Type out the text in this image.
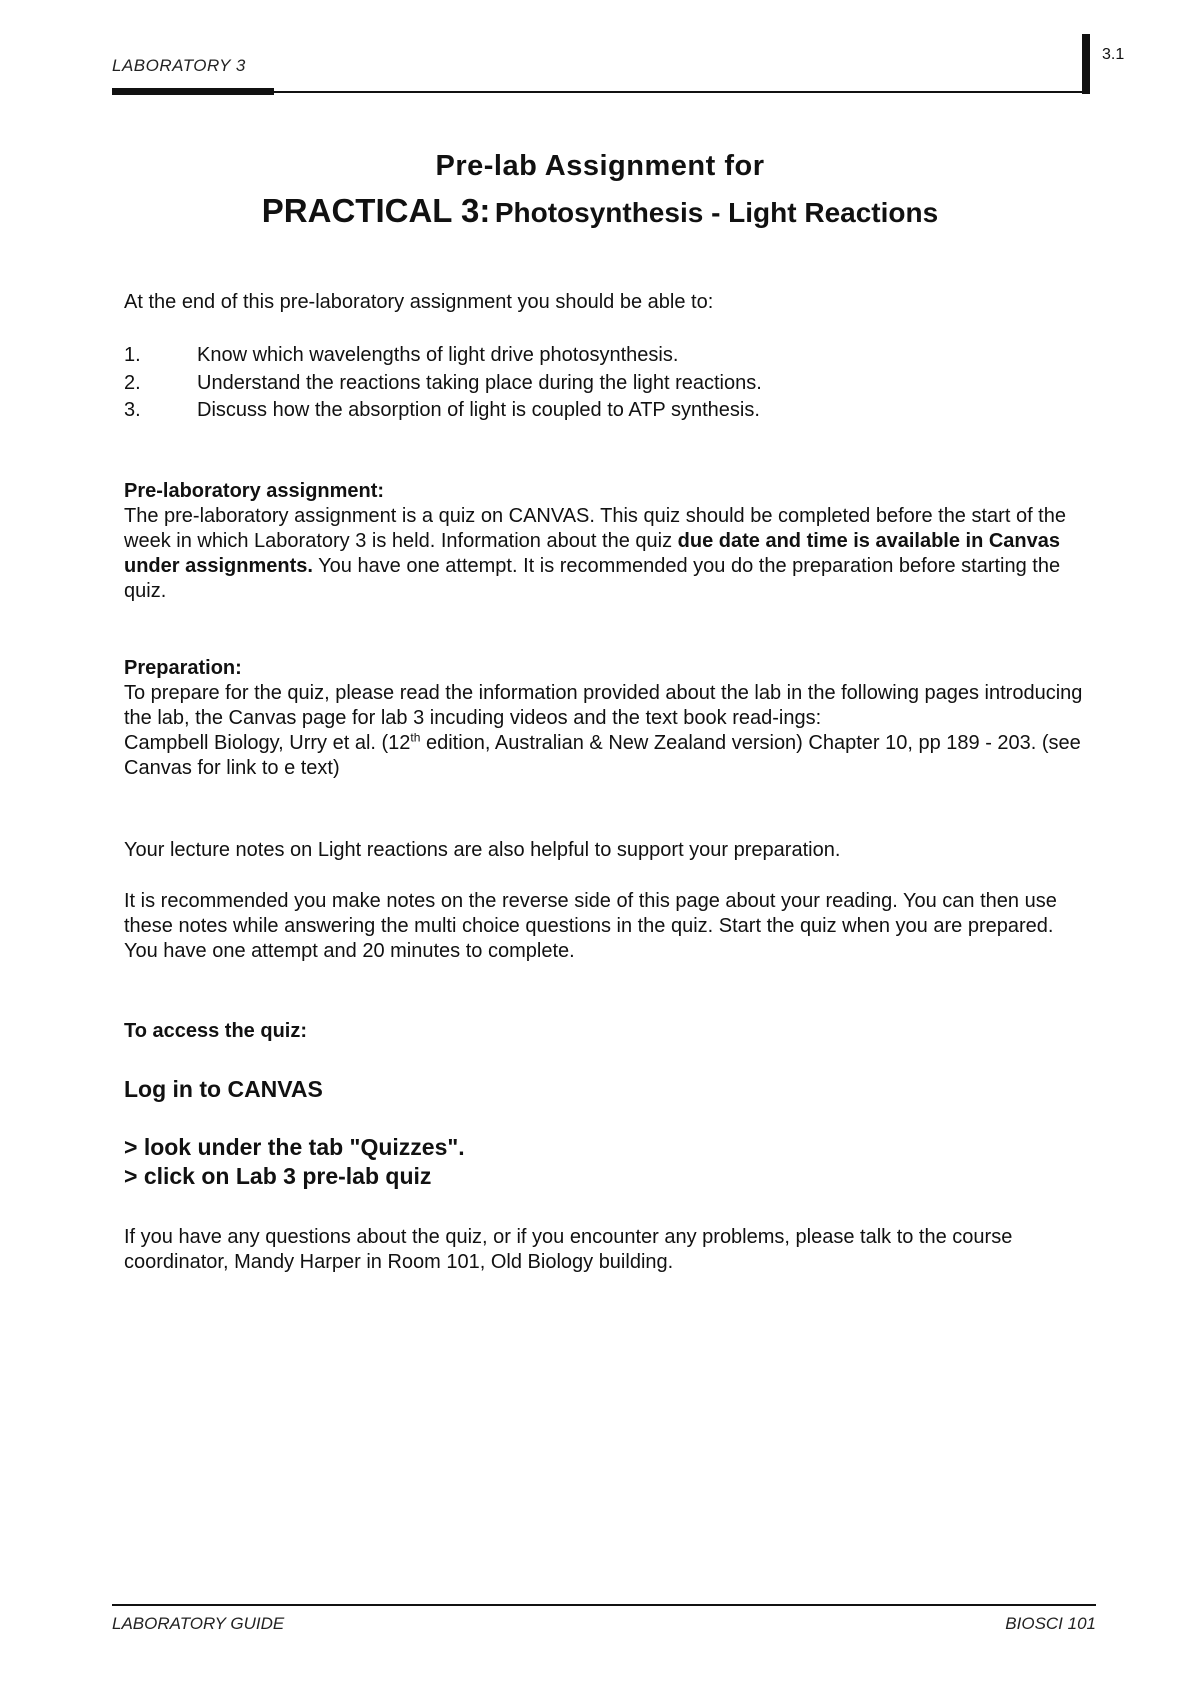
LABORATORY 3
3.1
Pre-lab Assignment for
PRACTICAL 3: Photosynthesis - Light Reactions
At the end of this pre-laboratory assignment you should be able to:
1.	Know which wavelengths of light drive photosynthesis.
2.	Understand the reactions taking place during the light reactions.
3.	Discuss how the absorption of light is coupled to ATP synthesis.
Pre-laboratory assignment:
The pre-laboratory assignment is a quiz on CANVAS. This quiz should be completed before the start of the week in which Laboratory 3 is held. Information about the quiz due date and time is available in Canvas under assignments. You have one attempt. It is recommended you do the preparation before starting the quiz.
Preparation:
To prepare for the quiz, please read the information provided about the lab in the following pages introducing the lab, the Canvas page for lab 3 incuding videos and the text book read-ings:
Campbell Biology, Urry et al. (12th edition, Australian & New Zealand version) Chapter 10, pp 189 - 203. (see Canvas for link to e text)
Your lecture notes on Light reactions are also helpful to support your preparation.
It is recommended you make notes on the reverse side of this page about your reading. You can then use these notes while answering the multi choice questions in the quiz. Start the quiz when you are prepared. You have one attempt and 20 minutes to complete.
To access the quiz:
Log in to CANVAS
> look under the tab "Quizzes".
> click on Lab 3 pre-lab quiz
If you have any questions about the quiz, or if you encounter any problems, please talk to the course coordinator, Mandy Harper in Room 101, Old Biology building.
LABORATORY GUIDE	BIOSCI 101
